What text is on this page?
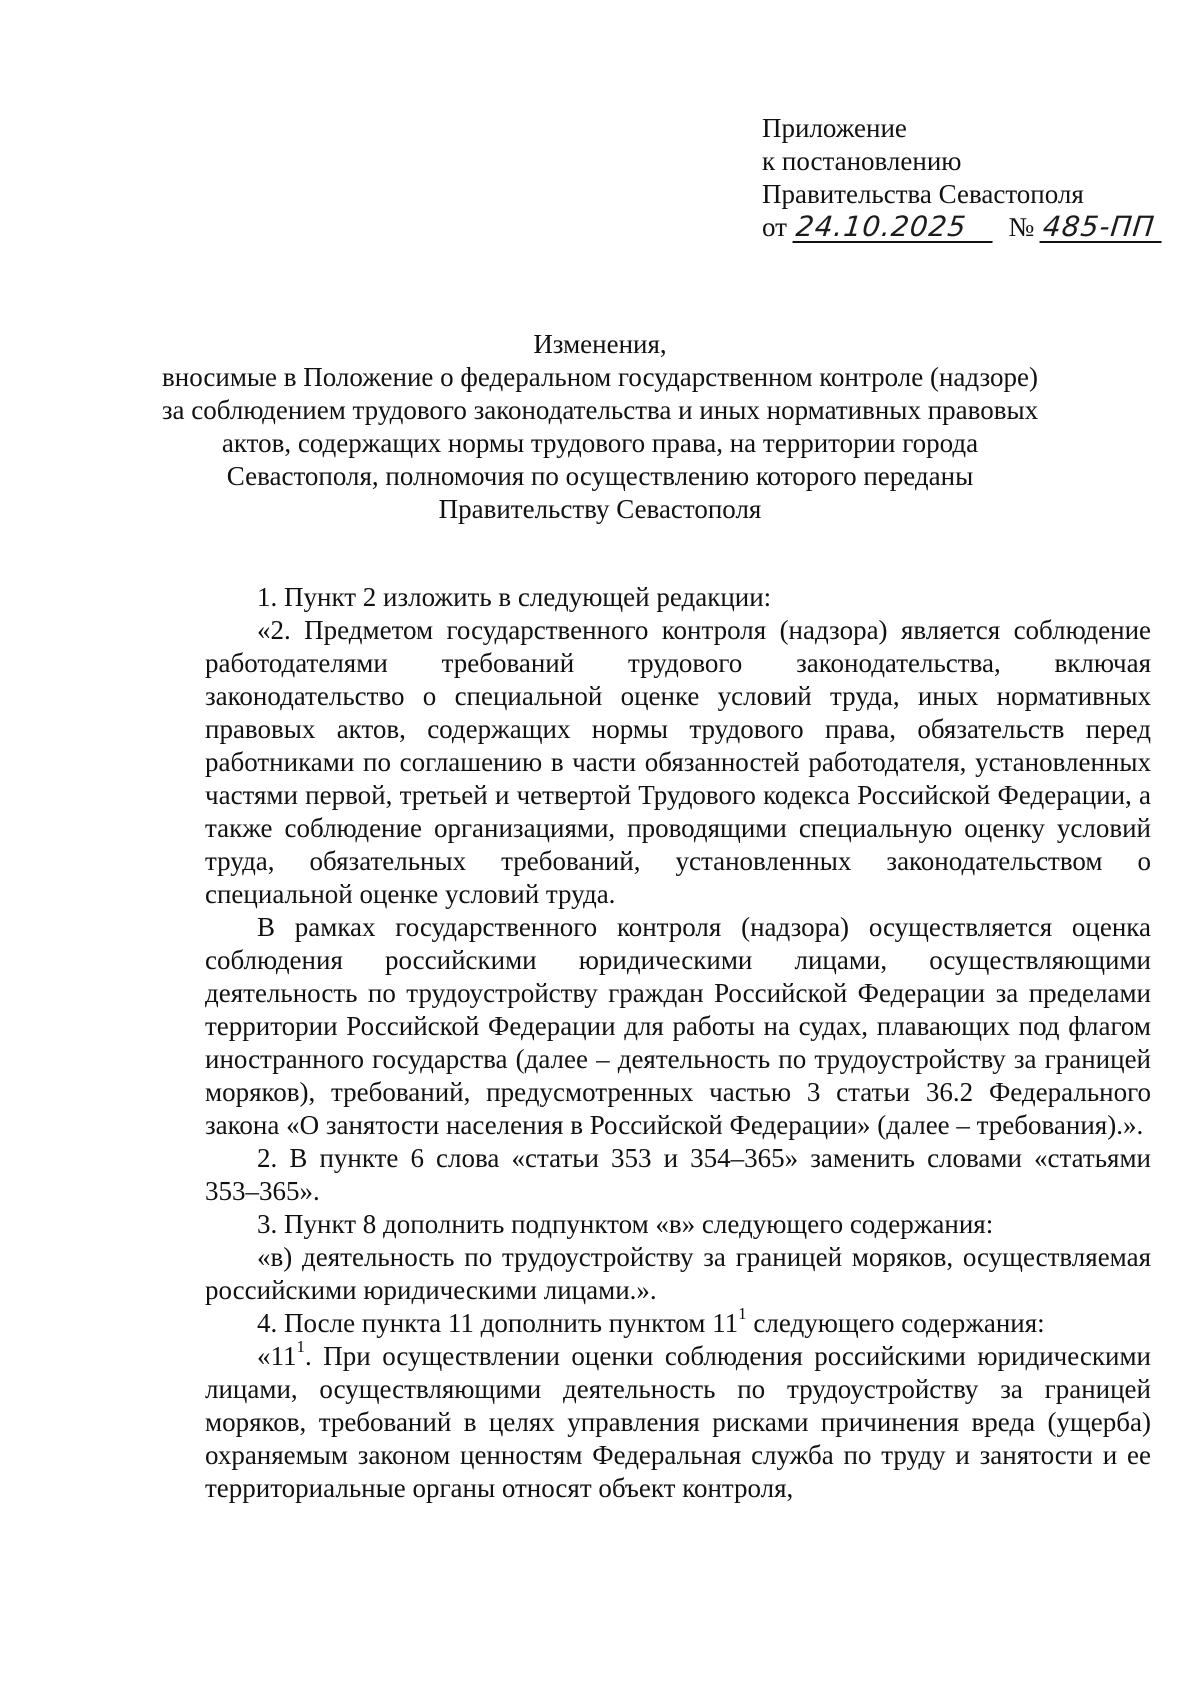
Приложение
к постановлению
Правительства Севастополя
от 24.10.2025 № 485-ПП
Изменения,
вносимые в Положение о федеральном государственном контроле (надзоре)
за соблюдением трудового законодательства и иных нормативных правовых
актов, содержащих нормы трудового права, на территории города
Севастополя, полномочия по осуществлению которого переданы
Правительству Севастополя

1. Пункт 2 изложить в следующей редакции:

«2. Предметом государственного контроля (надзора) является соблюдение работодателями требований трудового законодательства, включая законодательство о специальной оценке условий труда, иных нормативных правовых актов, содержащих нормы трудового права, обязательств перед работниками по соглашению в части обязанностей работодателя, установленных частями первой, третьей и четвертой Трудового кодекса Российской Федерации, а также соблюдение организациями, проводящими специальную оценку условий труда, обязательных требований, установленных законодательством о специальной оценке условий труда.

В рамках государственного контроля (надзора) осуществляется оценка соблюдения российскими юридическими лицами, осуществляющими деятельность по трудоустройству граждан Российской Федерации за пределами территории Российской Федерации для работы на судах, плавающих под флагом иностранного государства (далее – деятельность по трудоустройству за границей моряков), требований, предусмотренных частью 3 статьи 36.2 Федерального закона «О занятости населения в Российской Федерации» (далее – требования).».

2. В пункте 6 слова «статьи 353 и 354–365» заменить словами «статьями 353–365».

3. Пункт 8 дополнить подпунктом «в» следующего содержания:

«в) деятельность по трудоустройству за границей моряков, осуществляемая российскими юридическими лицами.».

4. После пункта 11 дополнить пунктом $11^1$ следующего содержания:

«$11^1$. При осуществлении оценки соблюдения российскими юридическими лицами, осуществляющими деятельность по трудоустройству за границей моряков, требований в целях управления рисками причинения вреда (ущерба) охраняемым законом ценностям Федеральная служба по труду и занятости и ее территориальные органы относят объект контроля,
